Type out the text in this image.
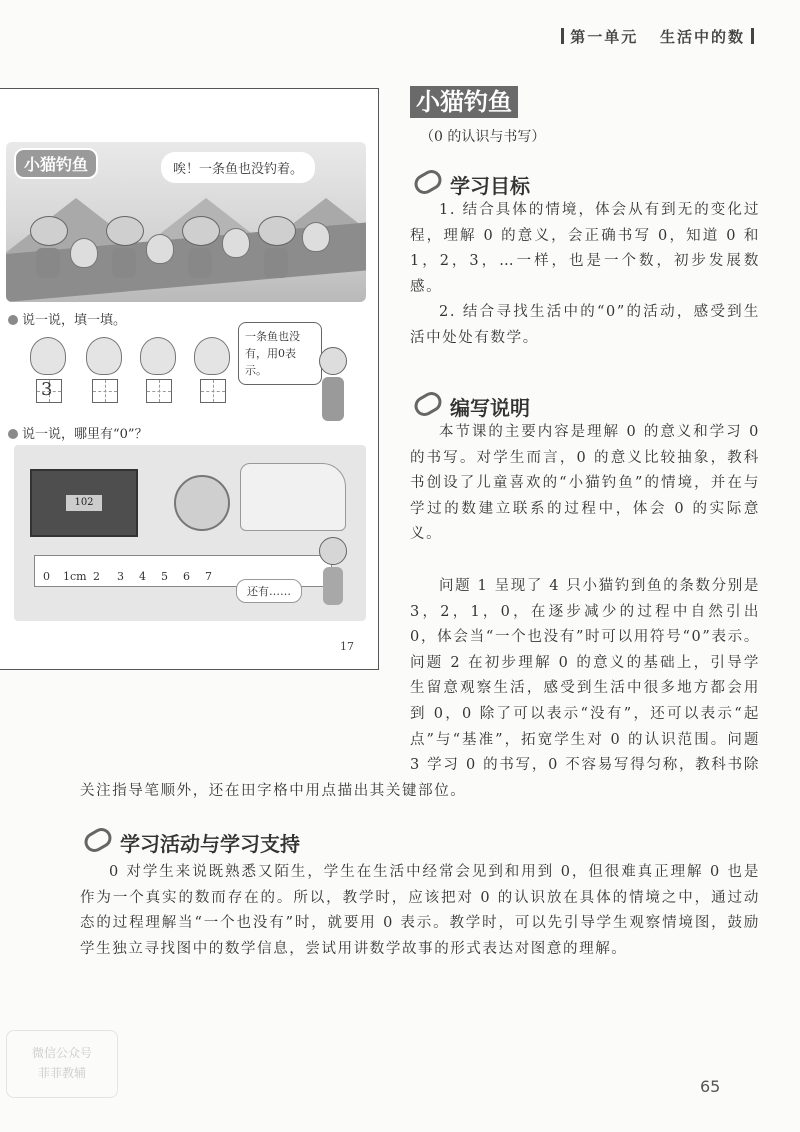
第一单元 生活中的数
小猫钓鱼	唉！一条鱼也没钓着。
说一说，填一填。
3
一条鱼也没有，用0表示。
说一说，哪里有“0”？
102
0 1cm 2 3 4 5 6 7
还有……
17
小猫钓鱼
（0 的认识与书写）
学习目标
1. 结合具体的情境，体会从有到无的变化过程，理解 0 的意义，会正确书写 0，知道 0 和 1，2，3，…一样，也是一个数，初步发展数感。
2. 结合寻找生活中的“0”的活动，感受到生活中处处有数学。
编写说明
本节课的主要内容是理解 0 的意义和学习 0 的书写。对学生而言，0 的意义比较抽象，教科书创设了儿童喜欢的“小猫钓鱼”的情境，并在与学过的数建立联系的过程中，体会 0 的实际意义。
问题 1 呈现了 4 只小猫钓到鱼的条数分别是 3，2，1，0，在逐步减少的过程中自然引出 0，体会当“一个也没有”时可以用符号“0”表示。问题 2 在初步理解 0 的意义的基础上，引导学生留意观察生活，感受到生活中很多地方都会用到 0，0 除了可以表示“没有”，还可以表示“起点”与“基准”，拓宽学生对 0 的认识范围。问题 3 学习 0 的书写，0 不容易写得匀称，教科书除关注指导笔顺外，还在田字格中用点描出其关键部位。
学习活动与学习支持
0 对学生来说既熟悉又陌生，学生在生活中经常会见到和用到 0，但很难真正理解 0 也是作为一个真实的数而存在的。所以，教学时，应该把对 0 的认识放在具体的情境之中，通过动态的过程理解当“一个也没有”时，就要用 0 表示。教学时，可以先引导学生观察情境图，鼓励学生独立寻找图中的数学信息，尝试用讲数学故事的形式表达对图意的理解。
微信公众号
菲菲教辅
65
